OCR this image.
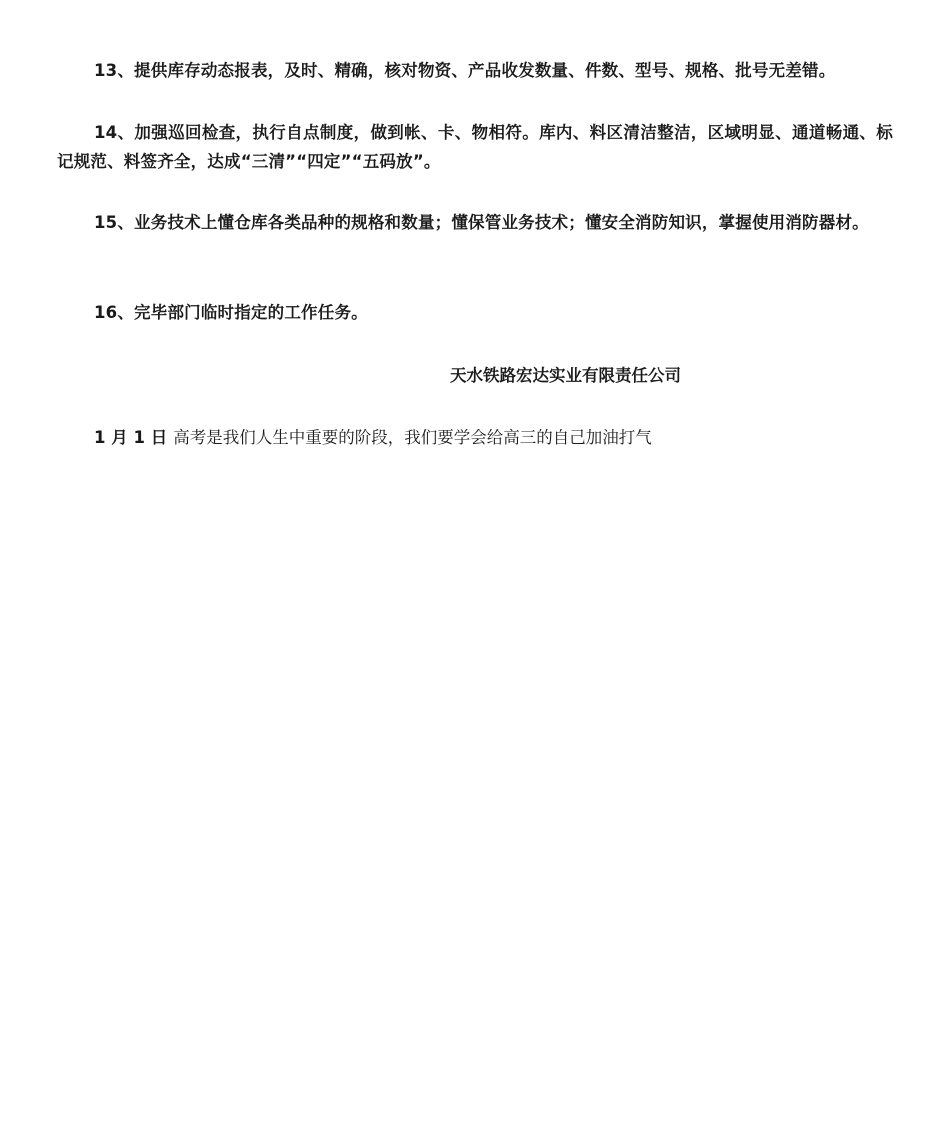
13、提供库存动态报表，及时、精确，核对物资、产品收发数量、件数、型号、规格、批号无差错。

14、加强巡回检查，执行自点制度，做到帐、卡、物相符。库内、料区清洁整洁，区域明显、通道畅通、标记规范、料签齐全，达成“三清”“四定”“五码放”。

15、业务技术上懂仓库各类品种的规格和数量；懂保管业务技术；懂安全消防知识，掌握使用消防器材。

16、完毕部门临时指定的工作任务。

天水铁路宏达实业有限责任公司

1 月 1 日 高考是我们人生中重要的阶段，我们要学会给高三的自己加油打气
